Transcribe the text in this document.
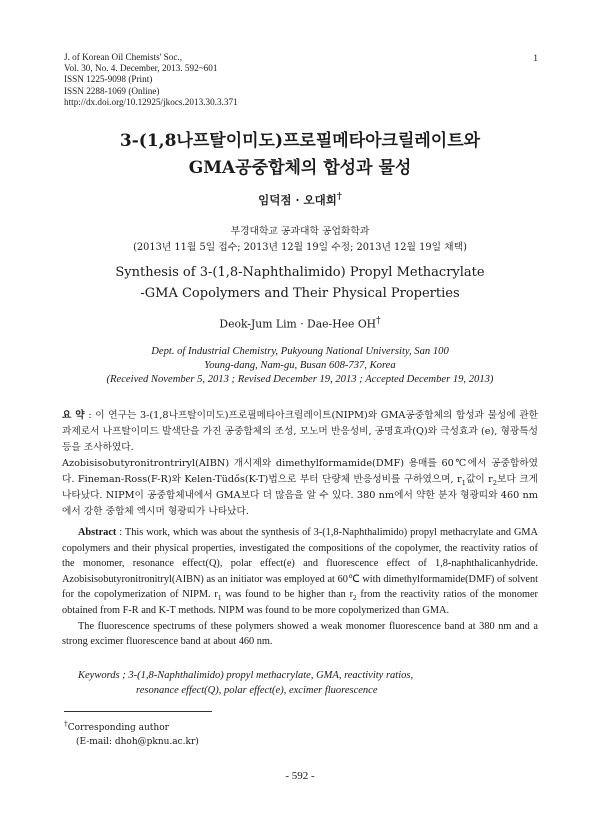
J. of Korean Oil Chemists' Soc.,
Vol. 30, No. 4. December, 2013. 592~601
ISSN 1225-9098 (Print)
ISSN 2288-1069 (Online)
http://dx.doi.org/10.12925/jkocs.2013.30.3.371
1
3-(1,8나프탈이미도)프로필메타아크릴레이트와
GMA공중합체의 합성과 물성
임덕점 · 오대희†
부경대학교 공과대학 공업화학과
(2013년 11월 5일 접수; 2013년 12월 19일 수정; 2013년 12월 19일 채택)
Synthesis of 3-(1,8-Naphthalimido) Propyl Methacrylate
-GMA Copolymers and Their Physical Properties
Deok-Jum Lim · Dae-Hee OH†
Dept. of Industrial Chemistry, Pukyoung National University, San 100
Young-dang, Nam-gu, Busan 608-737, Korea
(Received November 5, 2013 ; Revised December 19, 2013 ; Accepted December 19, 2013)

요 약 : 이 연구는 3-(1,8나프탈이미도)프로필메타아크릴레이트(NIPM)와 GMA공중합체의 합성과 물성에 관한 과제로서 나프탈이미드 발색단을 가진 공중합체의 조성, 모노머 반응성비, 공명효과(Q)와 극성효과 (e), 형광특성 등을 조사하였다.

Azobisisobutyronitrontriryl(AIBN) 개시제와 dimethylformamide(DMF) 용매를 60℃에서 공중합하였다. Fineman-Ross(F-R)와 Kelen-Tüdős(K-T)법으로 부터 단량체 반응성비를 구하였으며, $r_1$값이 $r_2$보다 크게 나타났다. NIPM이 공중합체내에서 GMA보다 더 많음을 알 수 있다. 380 nm에서 약한 분자 형광띠와 460 nm에서 강한 중합체 엑시머 형광띠가 나타났다.

Abstract : This work, which was about the synthesis of 3-(1,8-Naphthalimido) propyl methacrylate and GMA copolymers and their physical properties, investigated the compositions of the copolymer, the reactivity ratios of the monomer, resonance effect(Q), polar effect(e) and fluorescence effect of 1,8-naphthalicanhydride. Azobisisobutyronitronitryl(AIBN) as an initiator was employed at 60℃ with dimethylformamide(DMF) of solvent for the copolymerization of NIPM. $r_1$ was found to be higher than $r_2$ from the reactivity ratios of the monomer obtained from F-R and K-T methods. NIPM was found to be more copolymerized than GMA.

The fluorescence spectrums of these polymers showed a weak monomer fluorescence band at 380 nm and a strong excimer fluorescence band at about 460 nm.

Keywords ; 3-(1,8-Naphthalimido) propyl methacrylate, GMA, reactivity ratios,
resonance effect(Q), polar effect(e), excimer fluorescence
†Corresponding author
(E-mail: dhoh@pknu.ac.kr)
- 592 -
